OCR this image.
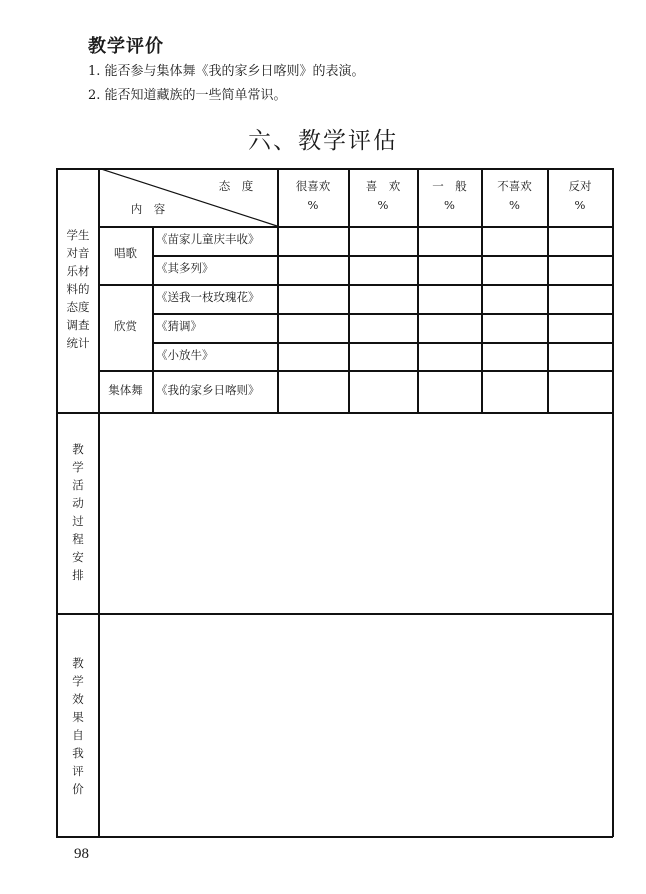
教学评价
1. 能否参与集体舞《我的家乡日喀则》的表演。
2. 能否知道藏族的一些简单常识。
六、教学评估
态　度
内　容
很喜欢
%
喜　欢
%
一　般
%
不喜欢
%
反对
%
学生
对音
乐材
料的
态度
调查
统计
唱歌
欣赏
集体舞
《苗家儿童庆丰收》
《其多列》
《送我一枝玫瑰花》
《猜调》
《小放牛》
《我的家乡日喀则》
教
学
活
动
过
程
安
排
教
学
效
果
自
我
评
价
98
